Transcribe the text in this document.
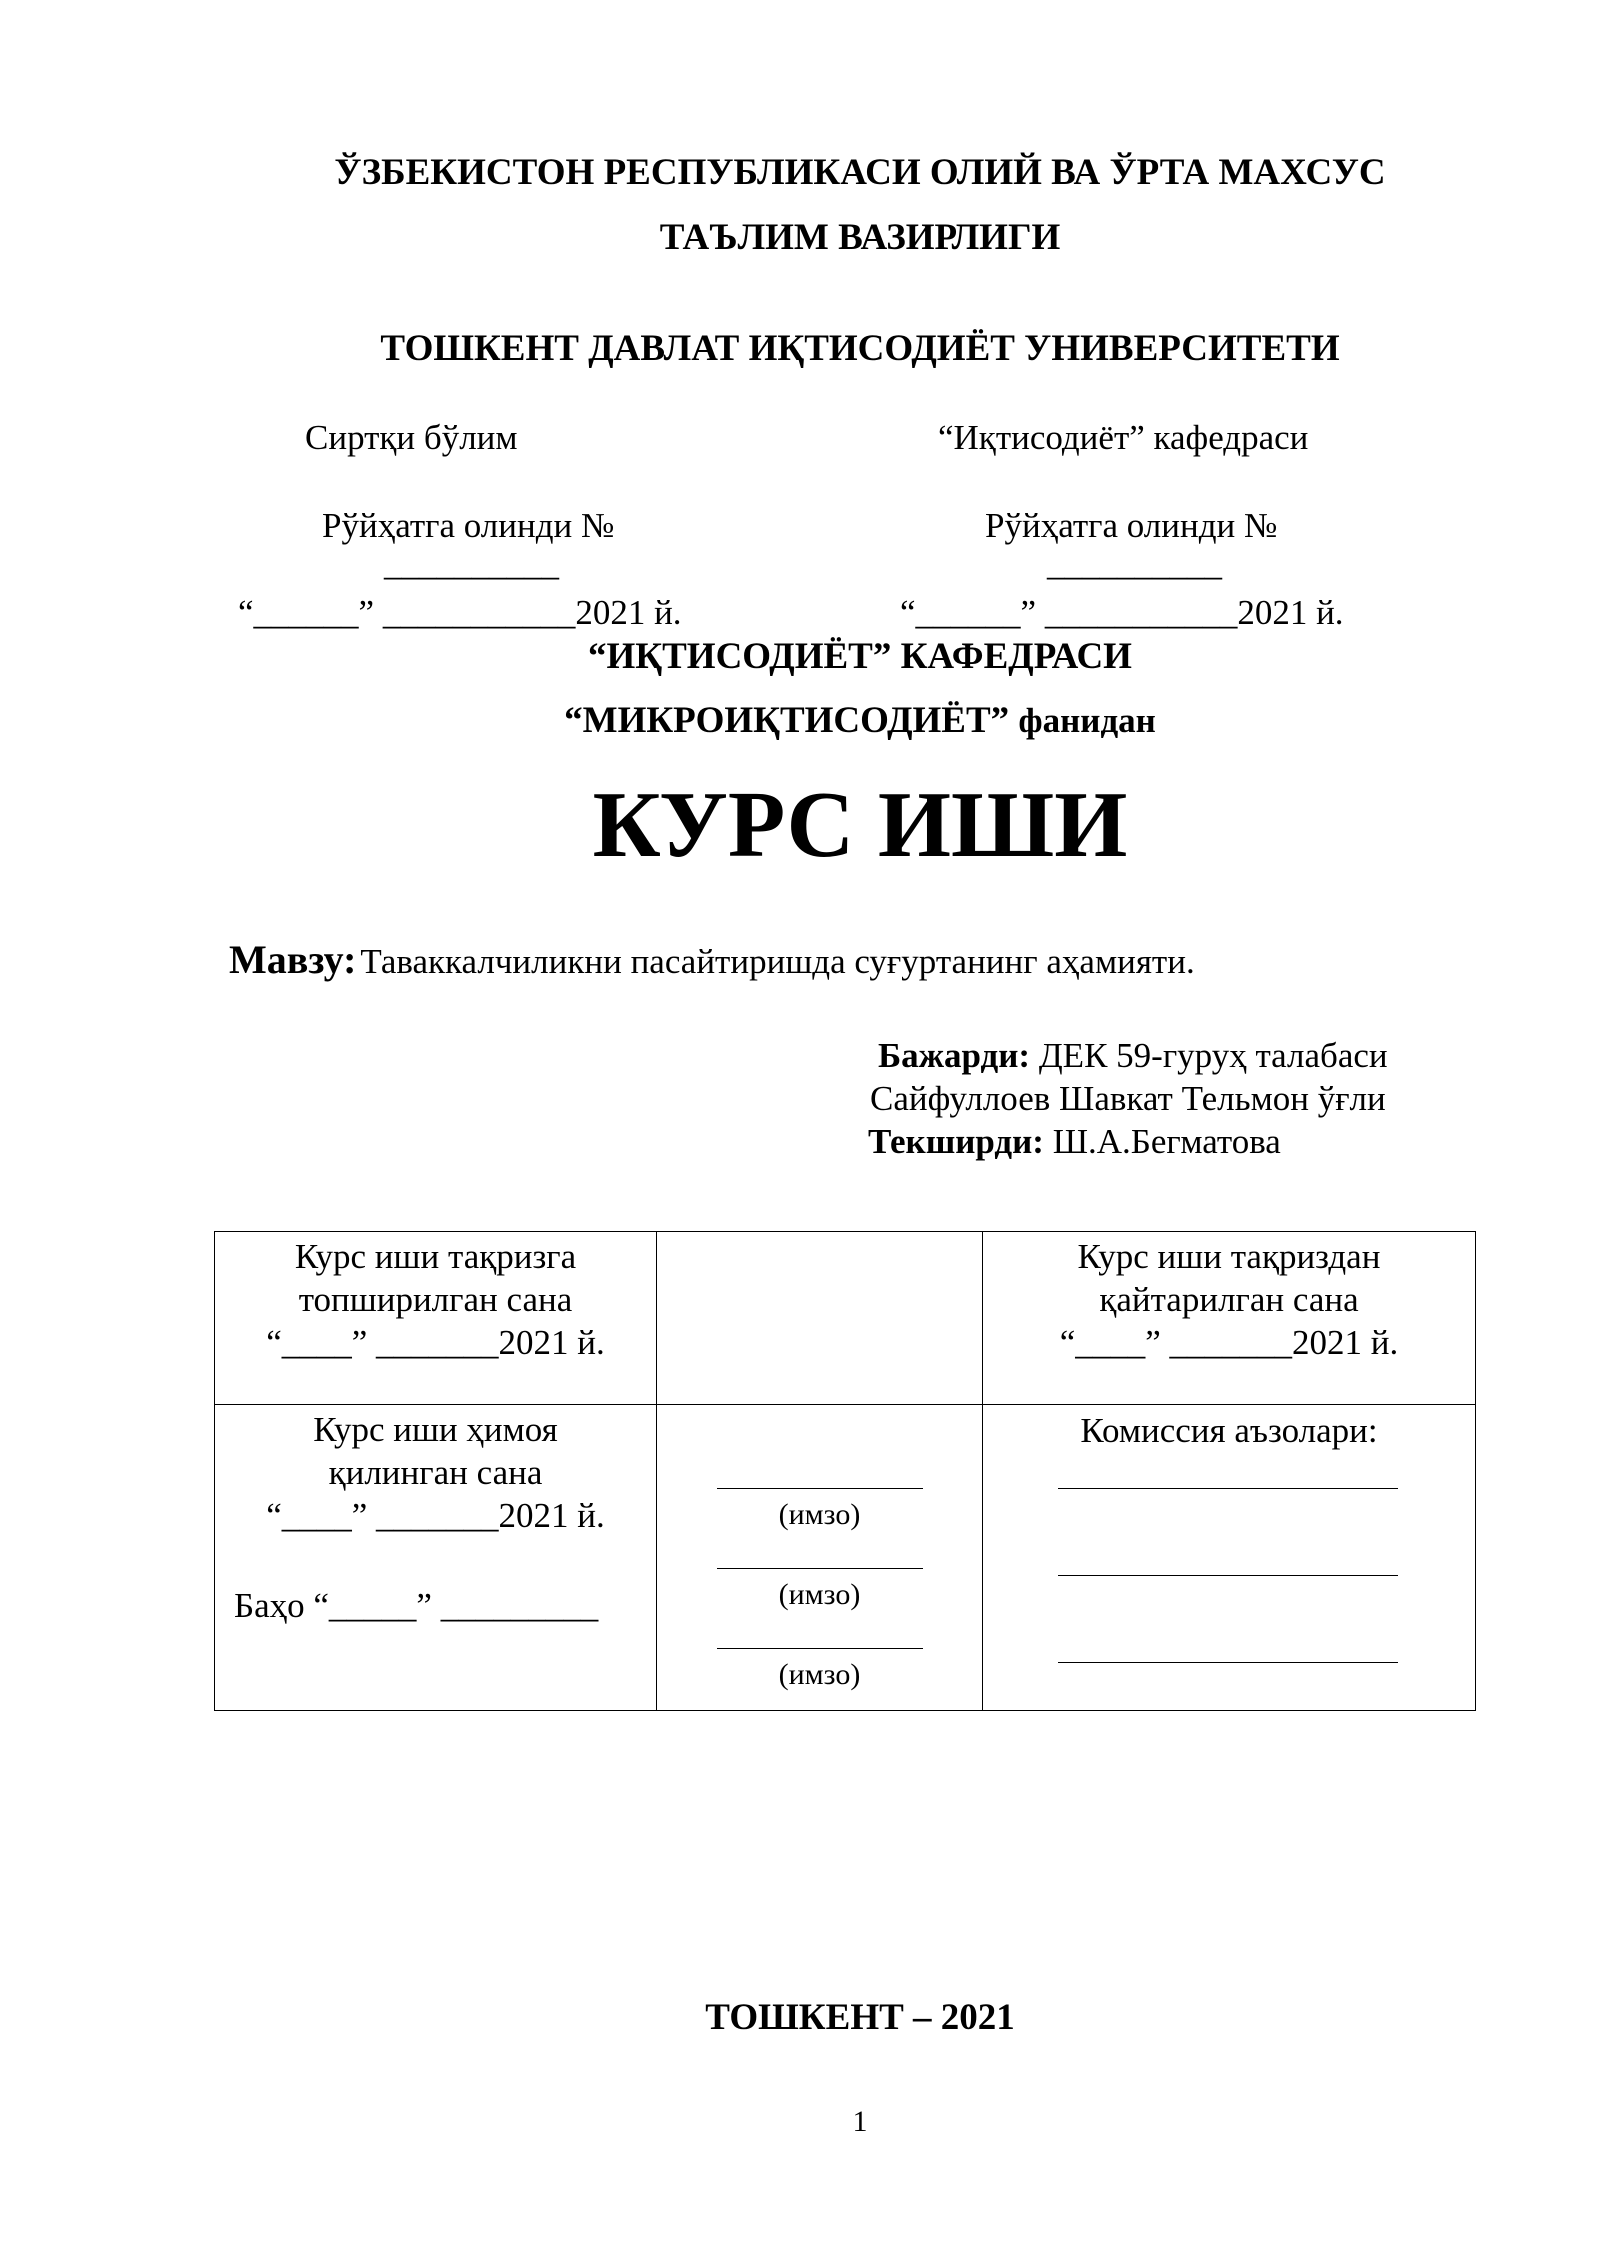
ЎЗБЕКИСТОН РЕСПУБЛИКАСИ ОЛИЙ ВА ЎРТА МАХСУС
ТАЪЛИМ ВАЗИРЛИГИ
ТОШКЕНТ ДАВЛАТ ИҚТИСОДИЁТ УНИВЕРСИТЕТИ
Сиртқи бўлим
Рўйҳатга олинди №
__________
“______” ___________2021 й.
“Иқтисодиёт” кафедраси
Рўйҳатга олинди №
__________
“______” ___________2021 й.
“ИҚТИСОДИЁТ” КАФЕДРАСИ
“МИКРОИҚТИСОДИЁТ” фанидан
КУРС ИШИ
Мавзу: Таваккалчиликни пасайтиришда суғуртанинг аҳамияти.
Бажарди: ДЕК 59-гуруҳ талабаси
Сайфуллоев Шавкат Тельмон ўғли
Текширди: Ш.А.Бегматова
Курс иши тақризга
топширилган сана
“____” _______2021 й.
Курс иши тақриздан
қайтарилган сана
“____” _______2021 й.
Курс иши ҳимоя
қилинган сана
“____” _______2021 й.
Баҳо “_____” _________
(имзо)
(имзо)
(имзо)
Комиссия аъзолари:
ТОШКЕНТ – 2021
1
